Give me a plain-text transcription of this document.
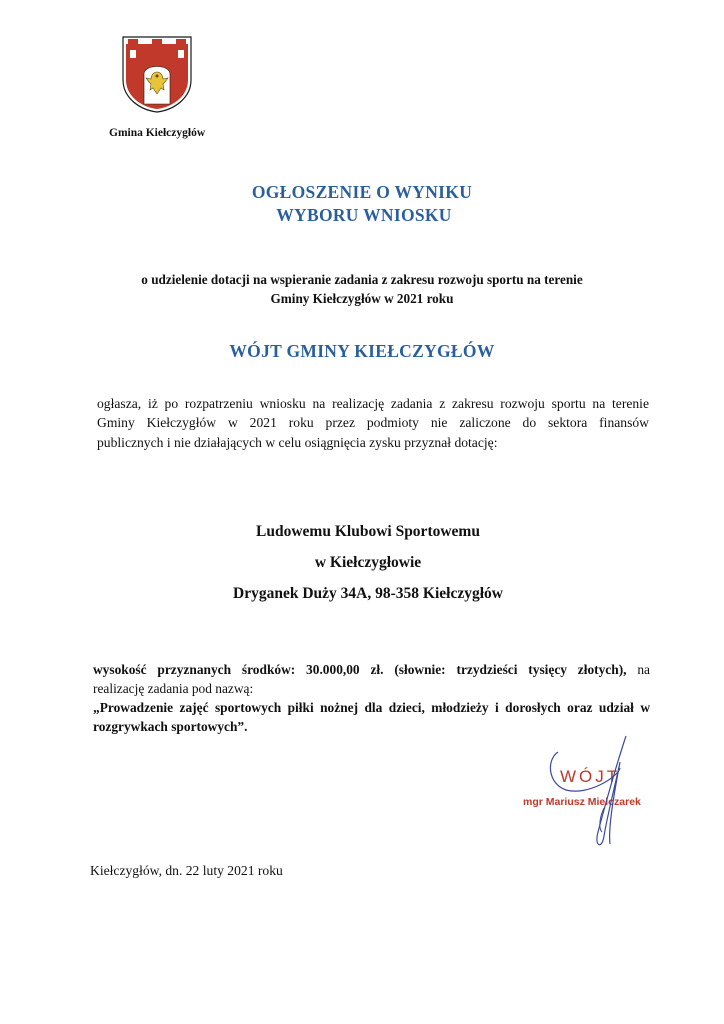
Gmina Kiełczygłów
OGŁOSZENIE O WYNIKU
WYBORU WNIOSKU
o udzielenie dotacji na wspieranie zadania z zakresu rozwoju sportu na terenie
Gminy Kiełczygłów w 2021 roku
WÓJT GMINY KIEŁCZYGŁÓW
ogłasza, iż po rozpatrzeniu wniosku na realizację zadania z zakresu rozwoju sportu na terenie
Gminy Kiełczygłów w 2021 roku przez podmioty nie zaliczone do sektora finansów
publicznych i nie działających w celu osiągnięcia zysku przyznał dotację:
Ludowemu Klubowi Sportowemu
w Kiełczygłowie
Dryganek Duży 34A, 98-358 Kiełczygłów
wysokość przyznanych środków: 30.000,00 zł. (słownie: trzydzieści tysięcy złotych), na
realizację zadania pod nazwą:
„Prowadzenie zajęć sportowych piłki nożnej dla dzieci, młodzieży i dorosłych oraz udział w rozgrywkach sportowych”.
WÓJT
mgr Mariusz Mielczarek
Kiełczygłów, dn. 22 luty 2021 roku
